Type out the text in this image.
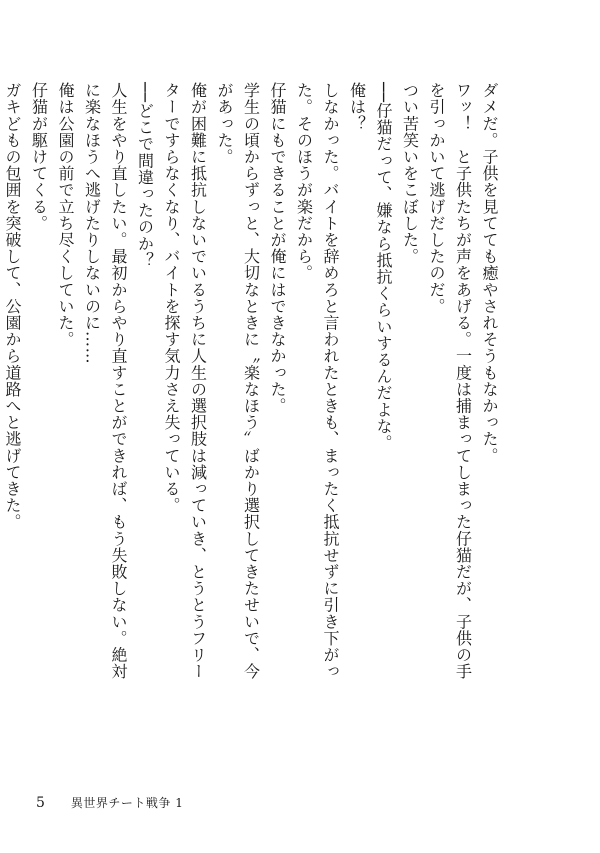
ダメだ。子供を見てても癒やされそうもなかった。

ワッ！　と子供たちが声をあげる。一度は捕まってしまった仔猫だが、子供の手を引っかいて逃げだしたのだ。

つい苦笑いをこぼした。

──仔猫だって、嫌なら抵抗くらいするんだよな。

俺は？

しなかった。バイトを辞めろと言われたときも、まったく抵抗せずに引き下がった。そのほうが楽だから。

仔猫にもできることが俺にはできなかった。

学生の頃からずっと、大切なときに〝楽なほう〟ばかり選択してきたせいで、今があった。

俺が困難に抵抗しないでいるうちに人生の選択肢は減っていき、とうとうフリーターですらなくなり、バイトを探す気力さえ失っている。

──どこで間違ったのか？

人生をやり直したい。最初からやり直すことができれば、もう失敗しない。絶対に楽なほうへ逃げたりしないのに……

俺は公園の前で立ち尽くしていた。

仔猫が駆けてくる。

ガキどもの包囲を突破して、公園から道路へと逃げてきた。

5 異世界チート戦争 1
